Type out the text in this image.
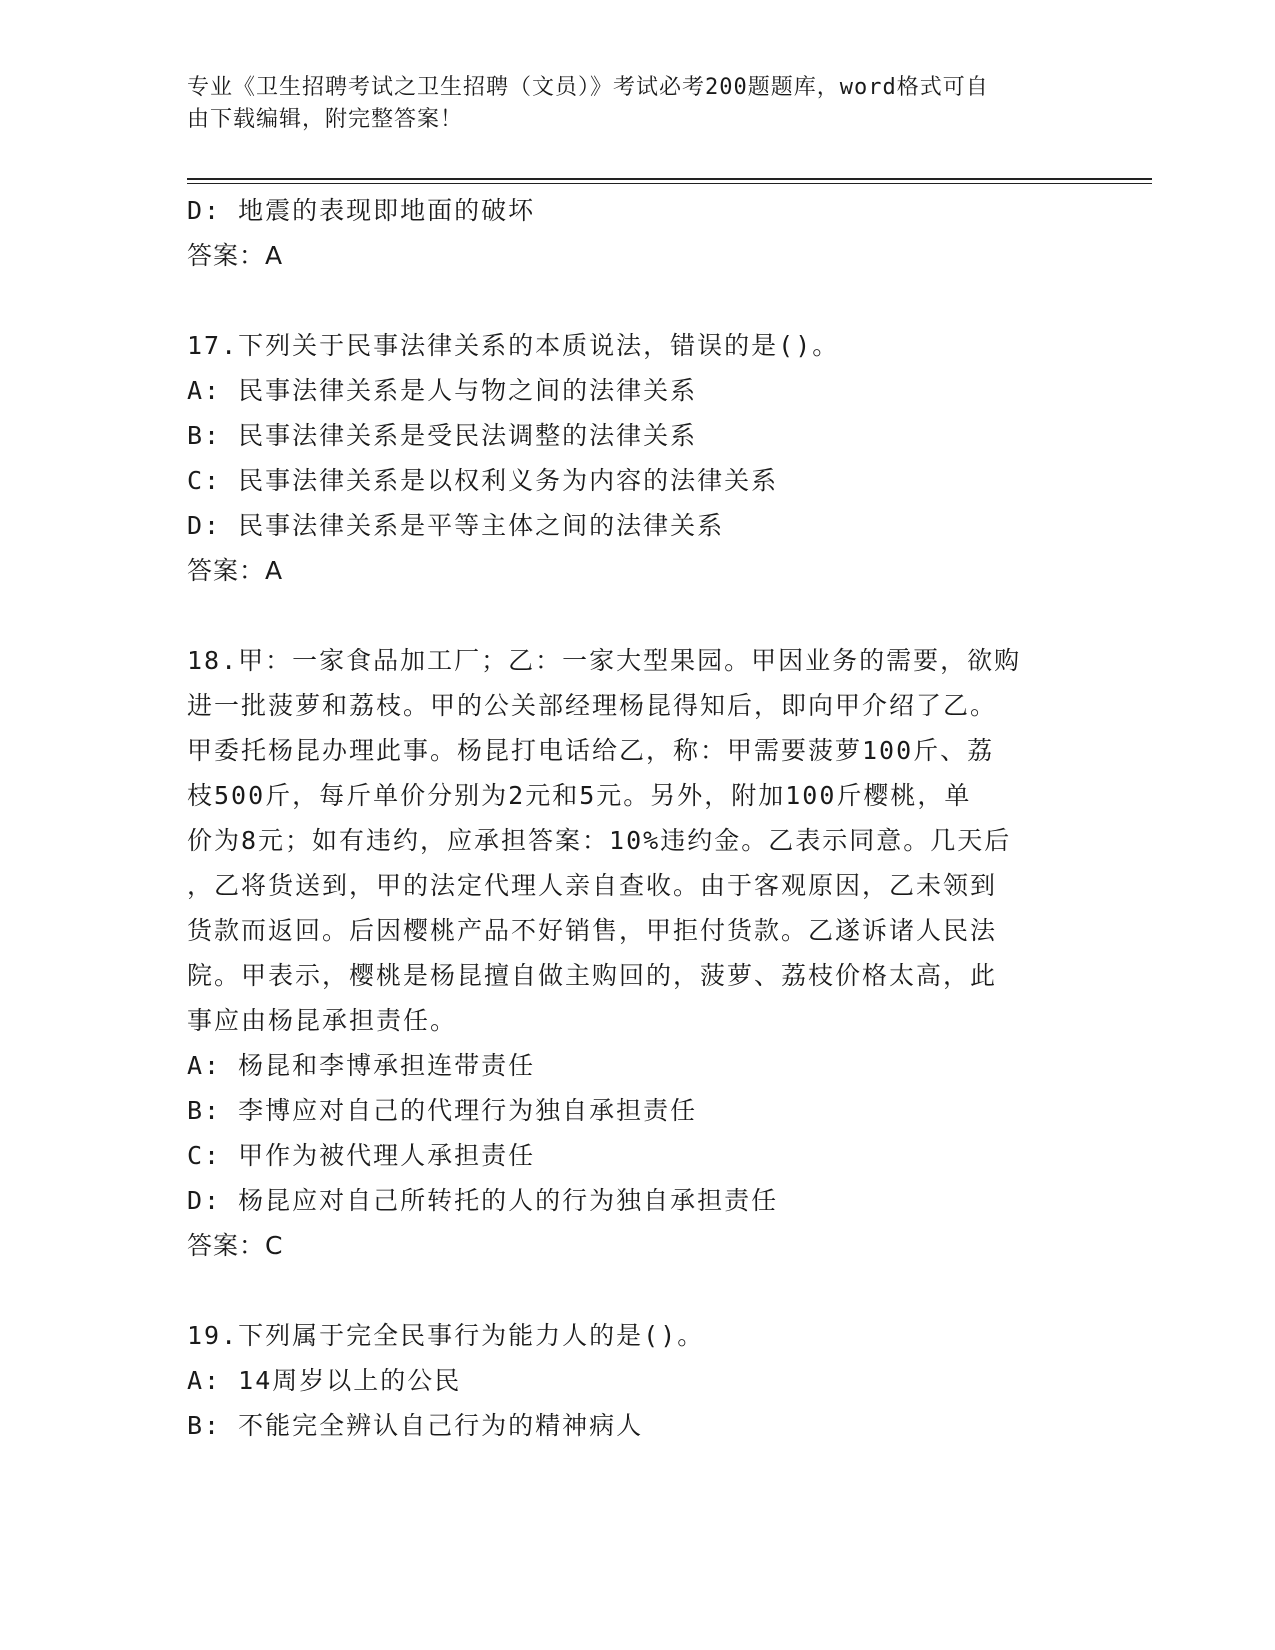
专业《卫生招聘考试之卫生招聘（文员）》考试必考200题题库，word格式可自
由下载编辑，附完整答案！
D: 地震的表现即地面的破坏
答案：A
17.下列关于民事法律关系的本质说法，错误的是()。
A: 民事法律关系是人与物之间的法律关系
B: 民事法律关系是受民法调整的法律关系
C: 民事法律关系是以权利义务为内容的法律关系
D: 民事法律关系是平等主体之间的法律关系
答案：A
18.甲：一家食品加工厂；乙：一家大型果园。甲因业务的需要，欲购
进一批菠萝和荔枝。甲的公关部经理杨昆得知后，即向甲介绍了乙。
甲委托杨昆办理此事。杨昆打电话给乙，称：甲需要菠萝100斤、荔
枝500斤，每斤单价分别为2元和5元。另外，附加100斤樱桃，单
价为8元；如有违约，应承担答案：10%违约金。乙表示同意。几天后
，乙将货送到，甲的法定代理人亲自查收。由于客观原因，乙未领到
货款而返回。后因樱桃产品不好销售，甲拒付货款。乙遂诉诸人民法
院。甲表示，樱桃是杨昆擅自做主购回的，菠萝、荔枝价格太高，此
事应由杨昆承担责任。
A: 杨昆和李博承担连带责任
B: 李博应对自己的代理行为独自承担责任
C: 甲作为被代理人承担责任
D: 杨昆应对自己所转托的人的行为独自承担责任
答案：C
19.下列属于完全民事行为能力人的是()。
A: 14周岁以上的公民
B: 不能完全辨认自己行为的精神病人
